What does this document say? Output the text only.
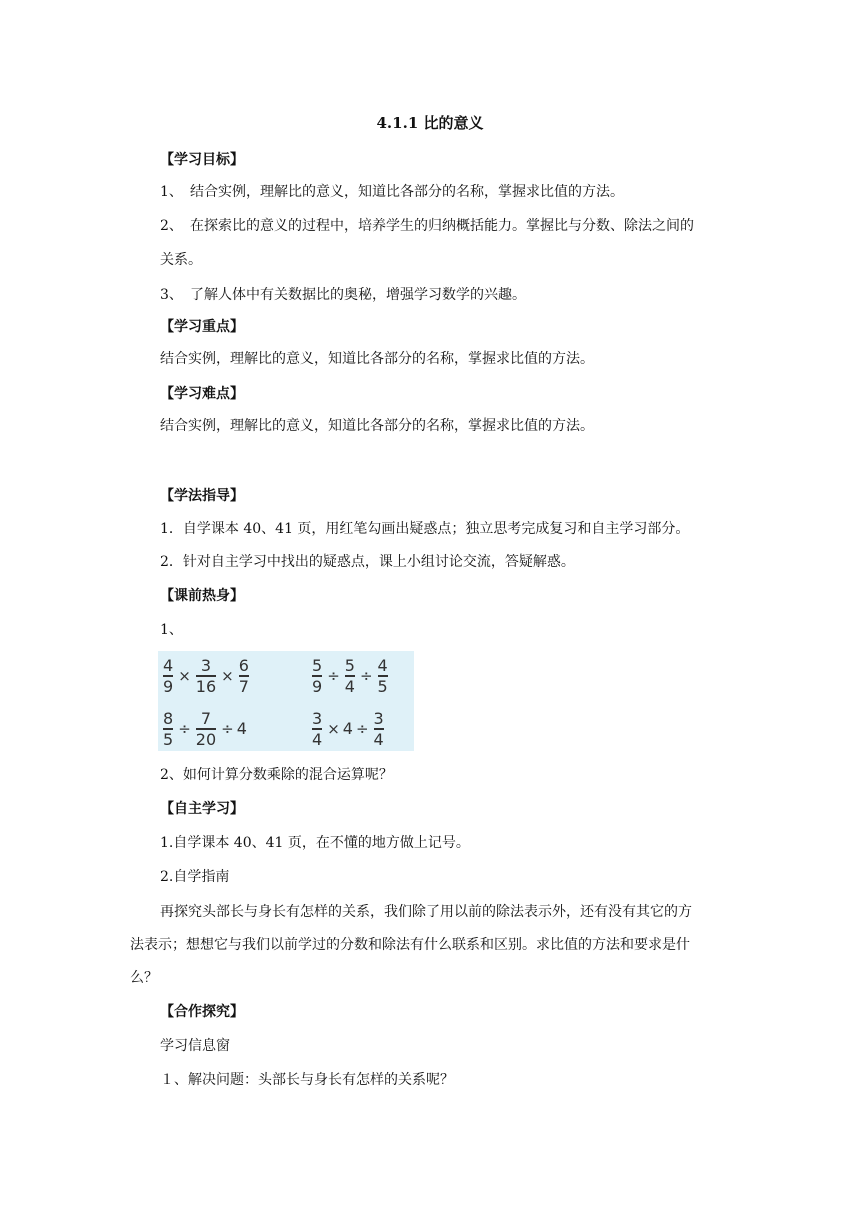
4.1.1 比的意义
【学习目标】
1、 结合实例，理解比的意义，知道比各部分的名称，掌握求比值的方法。
2、 在探索比的意义的过程中，培养学生的归纳概括能力。掌握比与分数、除法之间的
关系。
3、 了解人体中有关数据比的奥秘，增强学习数学的兴趣。
【学习重点】
结合实例，理解比的意义，知道比各部分的名称，掌握求比值的方法。
【学习难点】
结合实例，理解比的意义，知道比各部分的名称，掌握求比值的方法。
【学法指导】
1．自学课本 40、41 页，用红笔勾画出疑惑点；独立思考完成复习和自主学习部分。
2．针对自主学习中找出的疑惑点，课上小组讨论交流，答疑解惑。
【课前热身】
1、
$\frac{4}{9} \times \frac{3}{16} \times \frac{6}{7}$	$\frac{5}{9} \div \frac{5}{4} \div \frac{4}{5}$
$\frac{8}{5} \div \frac{7}{20} \div 4$	$\frac{3}{4} \times 4 \div \frac{3}{4}$
2、如何计算分数乘除的混合运算呢？
【自主学习】
1.自学课本 40、41 页，在不懂的地方做上记号。
2.自学指南
再探究头部长与身长有怎样的关系，我们除了用以前的除法表示外，还有没有其它的方
法表示；想想它与我们以前学过的分数和除法有什么联系和区别。求比值的方法和要求是什
么？
【合作探究】
学习信息窗
１、解决问题：头部长与身长有怎样的关系呢？
